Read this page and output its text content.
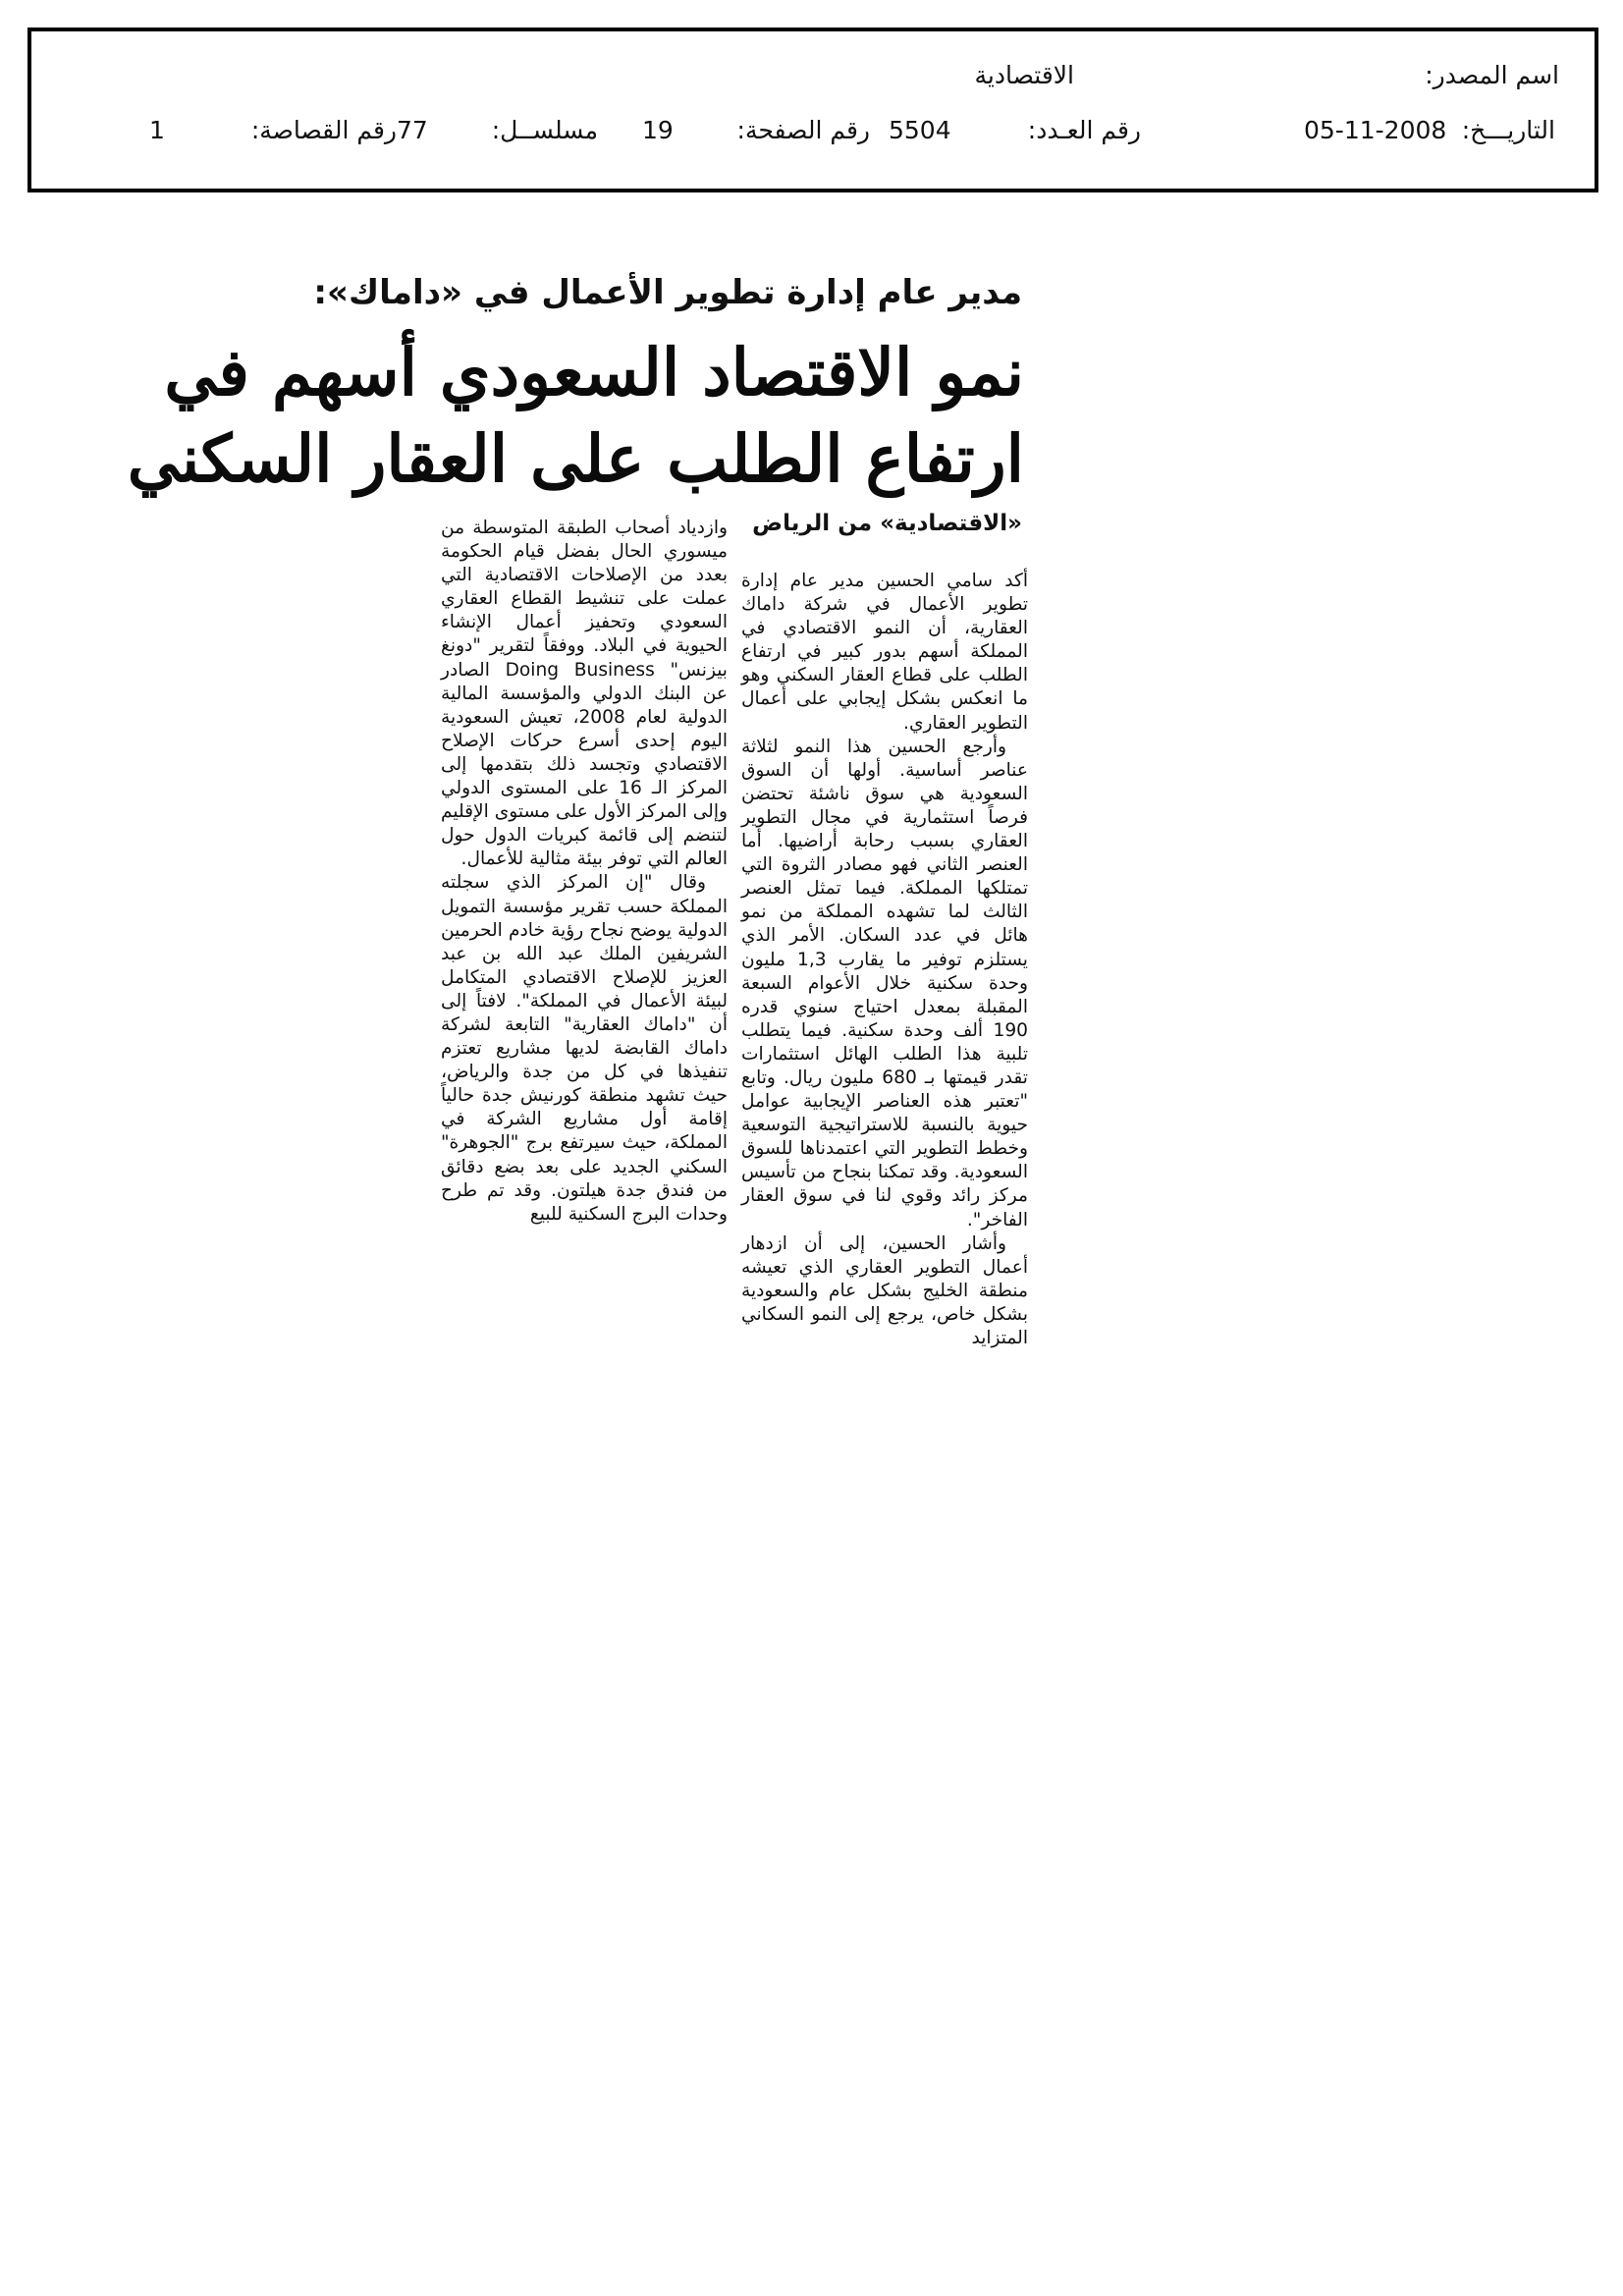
اسم المصدر:
الاقتصادية
التاريـــخ:
05-11-2008
رقم العـدد:
5504
رقم الصفحة:
19
مسلســل:
77
رقم القصاصة:
1
مدير عام إدارة تطوير الأعمال في «داماك»:
نمو الاقتصاد السعودي أسهم في
ارتفاع الطلب على العقار السكني
«الاقتصادية» من الرياض

أكد سامي الحسين مدير عام إدارة تطوير الأعمال في شركة داماك العقارية، أن النمو الاقتصادي في المملكة أسهم بدور كبير في ارتفاع الطلب على قطاع العقار السكني وهو ما انعكس بشكل إيجابي على أعمال التطوير العقاري.

وأرجع الحسين هذا النمو لثلاثة عناصر أساسية. أولها أن السوق السعودية هي سوق ناشئة تحتضن فرصاً استثمارية في مجال التطوير العقاري بسبب رحابة أراضيها. أما العنصر الثاني فهو مصادر الثروة التي تمتلكها المملكة. فيما تمثل العنصر الثالث لما تشهده المملكة من نمو هائل في عدد السكان. الأمر الذي يستلزم توفير ما يقارب 1,3 مليون وحدة سكنية خلال الأعوام السبعة المقبلة بمعدل احتياج سنوي قدره 190 ألف وحدة سكنية. فيما يتطلب تلبية هذا الطلب الهائل استثمارات تقدر قيمتها بـ 680 مليون ريال. وتابع "تعتبر هذه العناصر الإيجابية عوامل حيوية بالنسبة للاستراتيجية التوسعية وخطط التطوير التي اعتمدناها للسوق السعودية. وقد تمكنا بنجاح من تأسيس مركز رائد وقوي لنا في سوق العقار الفاخر".

وأشار الحسين، إلى أن ازدهار أعمال التطوير العقاري الذي تعيشه منطقة الخليج بشكل عام والسعودية بشكل خاص، يرجع إلى النمو السكاني المتزايد

وازدياد أصحاب الطبقة المتوسطة من ميسوري الحال بفضل قيام الحكومة بعدد من الإصلاحات الاقتصادية التي عملت على تنشيط القطاع العقاري السعودي وتحفيز أعمال الإنشاء الحيوية في البلاد. ووفقاً لتقرير "دونغ بيزنس" Doing Business الصادر عن البنك الدولي والمؤسسة المالية الدولية لعام 2008، تعيش السعودية اليوم إحدى أسرع حركات الإصلاح الاقتصادي وتجسد ذلك بتقدمها إلى المركز الـ 16 على المستوى الدولي وإلى المركز الأول على مستوى الإقليم لتنضم إلى قائمة كبريات الدول حول العالم التي توفر بيئة مثالية للأعمال.

وقال "إن المركز الذي سجلته المملكة حسب تقرير مؤسسة التمويل الدولية يوضح نجاح رؤية خادم الحرمين الشريفين الملك عبد الله بن عبد العزيز للإصلاح الاقتصادي المتكامل لبيئة الأعمال في المملكة". لافتاً إلى أن "داماك العقارية" التابعة لشركة داماك القابضة لديها مشاريع تعتزم تنفيذها في كل من جدة والرياض، حيث تشهد منطقة كورنيش جدة حالياً إقامة أول مشاريع الشركة في المملكة، حيث سيرتفع برج "الجوهرة" السكني الجديد على بعد بضع دقائق من فندق جدة هيلتون. وقد تم طرح وحدات البرج السكنية للبيع
